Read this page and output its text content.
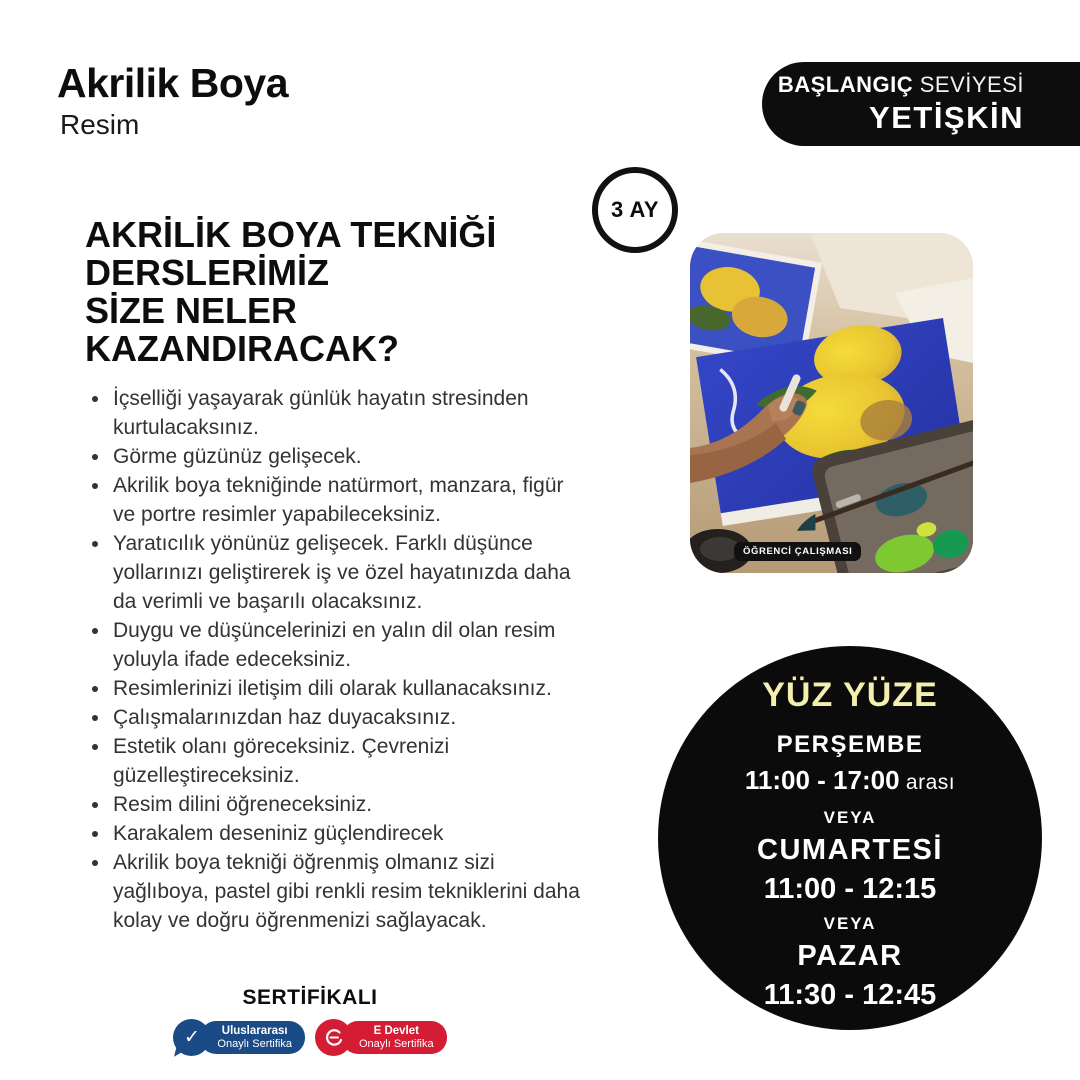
Akrilik Boya
Resim
BAŞLANGIÇ SEVİYESİ
YETİŞKİN
3 AY
ÖĞRENCİ ÇALIŞMASI
AKRİLİK BOYA TEKNİĞİ
DERSLERİMİZ
SİZE NELER
KAZANDIRACAK?
• İçselliği yaşayarak günlük hayatın stresinden kurtulacaksınız.
• Görme güzünüz gelişecek.
• Akrilik boya tekniğinde natürmort, manzara, figür ve portre resimler yapabileceksiniz.
• Yaratıcılık yönünüz gelişecek. Farklı düşünce yollarınızı geliştirerek iş ve özel hayatınızda daha da verimli ve başarılı olacaksınız.
• Duygu ve düşüncelerinizi en yalın dil olan resim yoluyla ifade edeceksiniz.
• Resimlerinizi iletişim dili olarak kullanacaksınız.
• Çalışmalarınızdan haz duyacaksınız.
• Estetik olanı göreceksiniz. Çevrenizi güzelleştireceksiniz.
• Resim dilini öğreneceksiniz.
• Karakalem deseniniz güçlendirecek
• Akrilik boya tekniği öğrenmiş olmanız sizi yağlıboya, pastel gibi renkli resim tekniklerini daha kolay ve doğru öğrenmenizi sağlayacak.
YÜZ YÜZE
PERŞEMBE
11:00 - 17:00 arası
VEYA
CUMARTESİ
11:00 - 12:15
VEYA
PAZAR
11:30 - 12:45
SERTİFİKALI
✓	Uluslararası
Onaylı Sertifika
E Devlet
Onaylı Sertifika
